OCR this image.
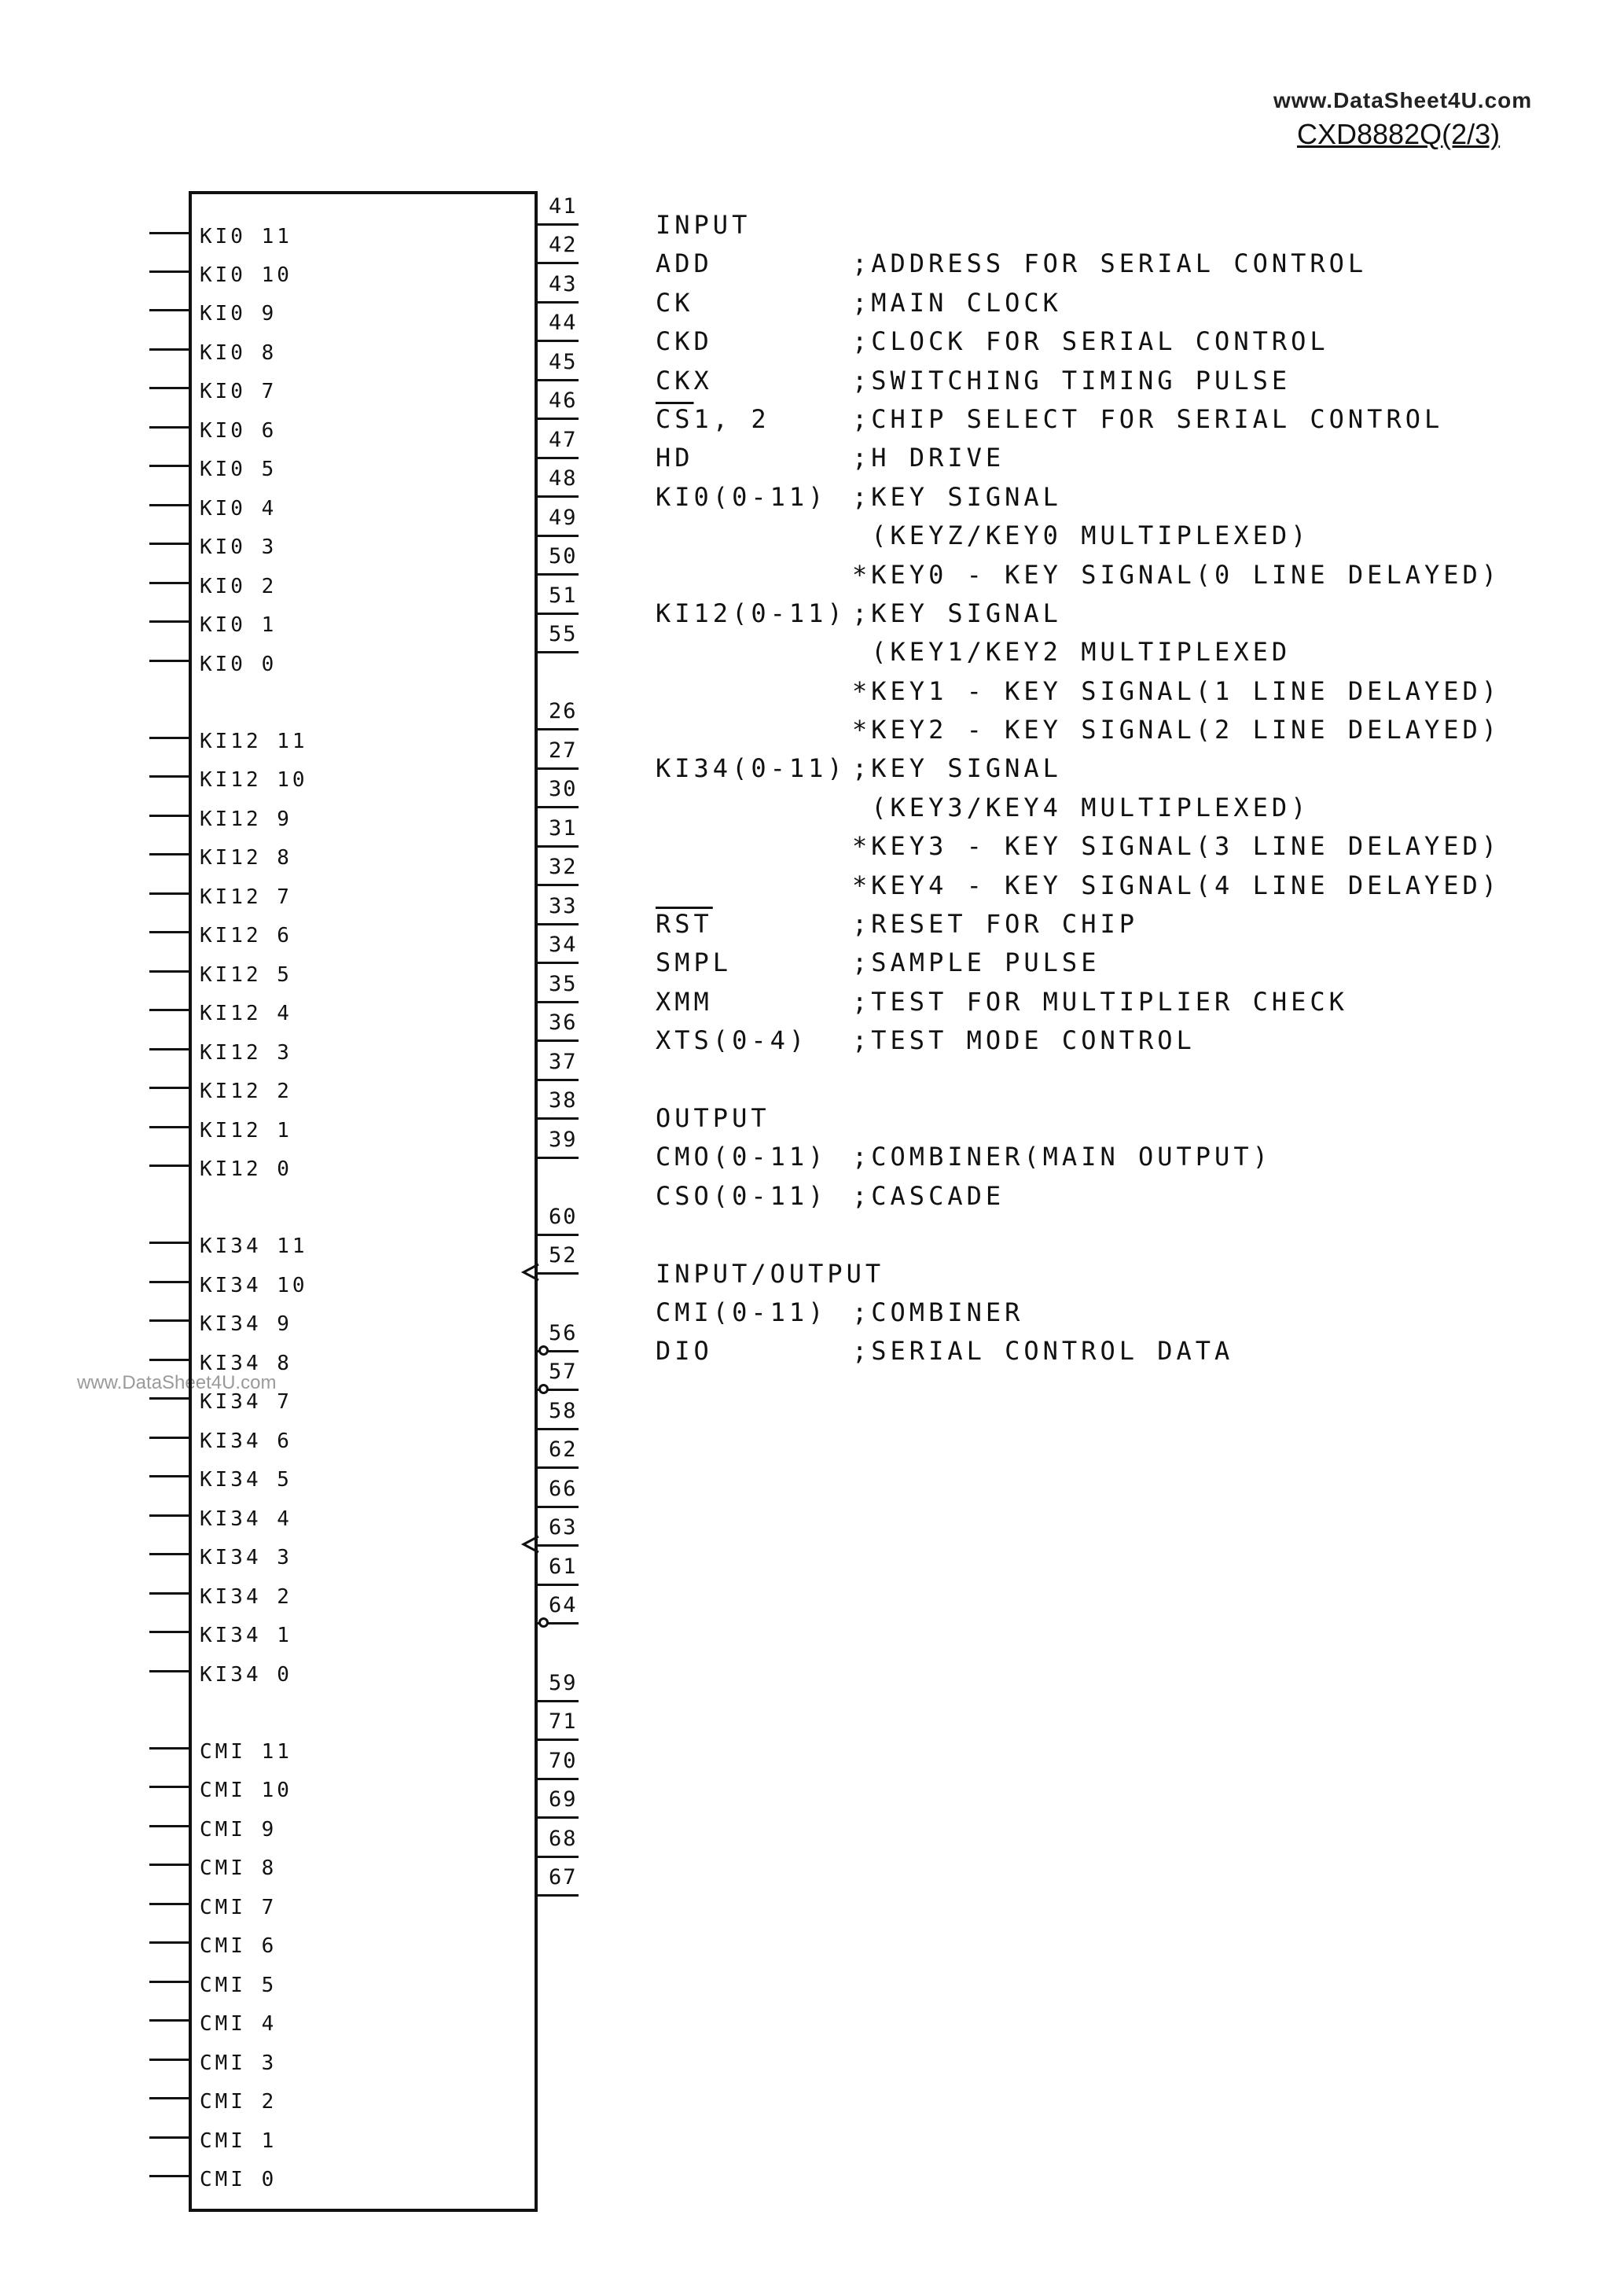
www.DataSheet4U.com
CXD8882Q(2/3)
www.DataSheet4U.com
KI0 11
KI0 10
KI0 9
KI0 8
KI0 7
KI0 6
KI0 5
KI0 4
KI0 3
KI0 2
KI0 1
KI0 0
KI12 11
KI12 10
KI12 9
KI12 8
KI12 7
KI12 6
KI12 5
KI12 4
KI12 3
KI12 2
KI12 1
KI12 0
KI34 11
KI34 10
KI34 9
KI34 8
KI34 7
KI34 6
KI34 5
KI34 4
KI34 3
KI34 2
KI34 1
KI34 0
CMI 11
CMI 10
CMI 9
CMI 8
CMI 7
CMI 6
CMI 5
CMI 4
CMI 3
CMI 2
CMI 1
CMI 0
41
42
43
44
45
46
47
48
49
50
51
55
26
27
30
31
32
33
34
35
36
37
38
39
60
52
56
57
58
62
66
63
61
64
59
71
70
69
68
67
INPUT
ADD	;ADDRESS FOR SERIAL CONTROL
CK	;MAIN CLOCK
CKD	;CLOCK FOR SERIAL CONTROL
CKX	;SWITCHING TIMING PULSE
$\overline{CS}1$, 2	;CHIP SELECT FOR SERIAL CONTROL
HD	;H DRIVE
KI0(0-11) ;KEY SIGNAL
(KEYZ/KEY0 MULTIPLEXED)
*KEY0 - KEY SIGNAL(0 LINE DELAYED)
KI12(0-11) ;KEY SIGNAL
(KEY1/KEY2 MULTIPLEXED
*KEY1 - KEY SIGNAL(1 LINE DELAYED)
*KEY2 - KEY SIGNAL(2 LINE DELAYED)
KI34(0-11) ;KEY SIGNAL
(KEY3/KEY4 MULTIPLEXED)
*KEY3 - KEY SIGNAL(3 LINE DELAYED)
*KEY4 - KEY SIGNAL(4 LINE DELAYED)
$\overline{RST}$	;RESET FOR CHIP
SMPL	;SAMPLE PULSE
XMM	;TEST FOR MULTIPLIER CHECK
XTS(0-4) ;TEST MODE CONTROL
OUTPUT
CMO(0-11) ;COMBINER(MAIN OUTPUT)
CSO(0-11) ;CASCADE
INPUT/OUTPUT
CMI(0-11) ;COMBINER
DIO	;SERIAL CONTROL DATA
